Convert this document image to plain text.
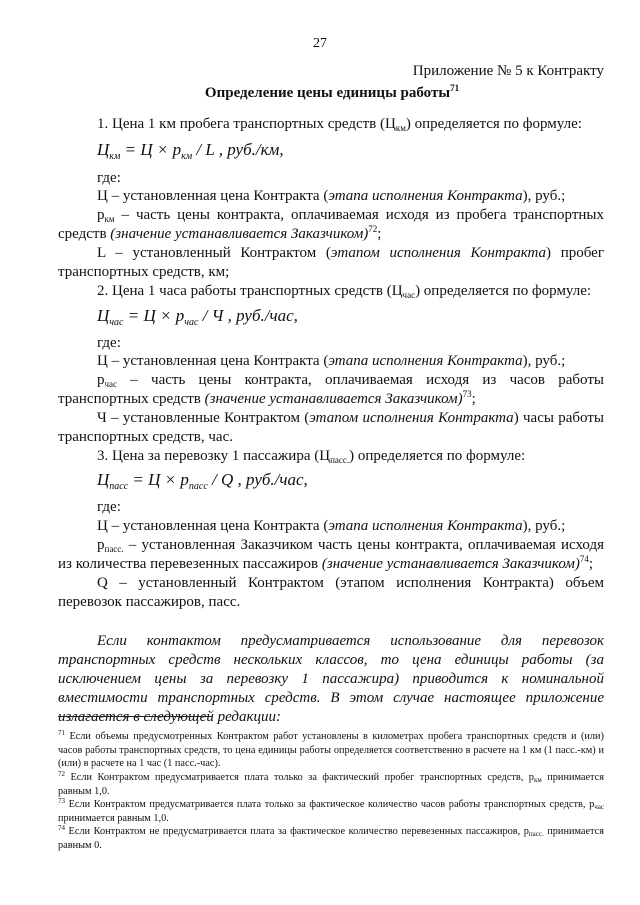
27
Приложение № 5 к Контракту
Определение цены единицы работы$^{71}$
1. Цена 1 км пробега транспортных средств $(Ц_{км})$ определяется по формуле:
$Ц_{км} = Ц \times p_{км} / L$ , руб./км,
где:
Ц – установленная цена Контракта (этапа исполнения Контракта), руб.;
$p_{км}$ – часть цены контракта, оплачиваемая исходя из пробега транспортных
средств (значение устанавливается Заказчиком)$^{72}$;
L – установленный Контрактом (этапом исполнения Контракта) пробег
транспортных средств, км;
2. Цена 1 часа работы транспортных средств $(Ц_{час})$ определяется по формуле:
$Ц_{час} = Ц \times p_{час} / Ч$ , руб./час,
где:
Ц – установленная цена Контракта (этапа исполнения Контракта), руб.;
$p_{час}$ – часть цены контракта, оплачиваемая исходя из часов работы
транспортных средств (значение устанавливается Заказчиком)$^{73}$;
Ч – установленные Контрактом (этапом исполнения Контракта) часы работы
транспортных средств, час.
3. Цена за перевозку 1 пассажира $(Ц_{пасс.})$ определяется по формуле:
$Ц_{пасс} = Ц \times p_{пасс} / Q$ , руб./час,
где:
Ц – установленная цена Контракта (этапа исполнения Контракта), руб.;
$p_{пасс.}$ – установленная Заказчиком часть цены контракта, оплачиваемая исходя
из количества перевезенных пассажиров (значение устанавливается Заказчиком)$^{74}$;
Q – установленный Контрактом (этапом исполнения Контракта) объем
перевозок пассажиров, пасс.
Если контактом предусматривается использование для перевозок
транспортных средств нескольких классов, то цена единицы работы (за
исключением цены за перевозку 1 пассажира) приводится к номинальной
вместимости транспортных средств. В этом случае настоящее приложение
излагается в следующей редакции:
$^{71}$ Если объемы предусмотренных Контрактом работ установлены в километрах пробега транспортных средств и (или) часов работы транспортных средств, то цена единицы работы определяется соответственно в расчете на 1 км (1 пасс.-км) и (или) в расчете на 1 час (1 пасс.-час).
$^{72}$ Если Контрактом предусматривается плата только за фактический пробег транспортных средств, $p_{км}$ принимается равным 1,0.
$^{73}$ Если Контрактом предусматривается плата только за фактическое количество часов работы транспортных средств, $p_{час}$ принимается равным 1,0.
$^{74}$ Если Контрактом не предусматривается плата за фактическое количество перевезенных пассажиров, $p_{пасс.}$ принимается равным 0.
